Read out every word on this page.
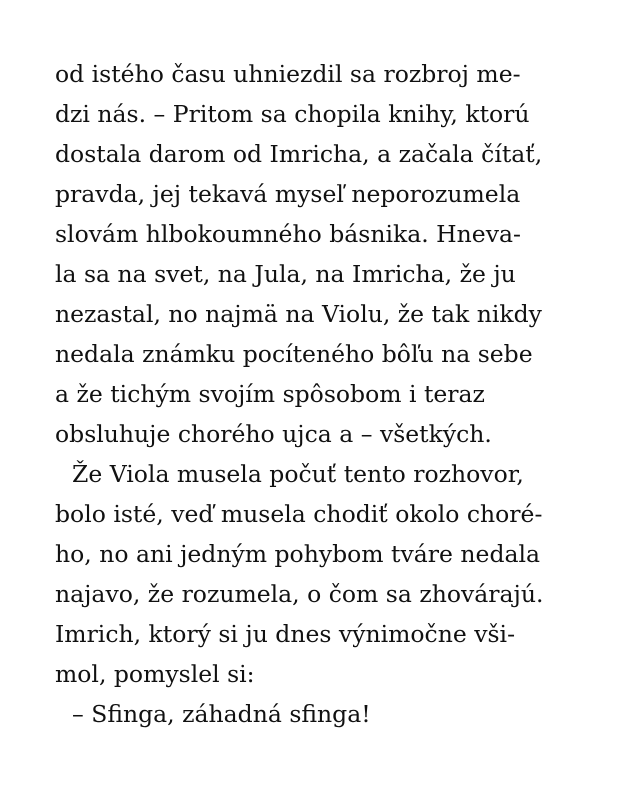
od istého času uhniezdil sa rozbroj me-
dzi nás. – Pritom sa chopila knihy, ktorú
dostala darom od Imricha, a začala čítať,
pravda, jej tekavá myseľ neporozumela
slovám hlbokoumného básnika. Hneva-
la sa na svet, na Jula, na Imricha, že ju
nezastal, no najmä na Violu, že tak nikdy
nedala známku pocíteného bôľu na sebe
a že tichým svojím spôsobom i teraz
obsluhuje chorého ujca a – všetkých.
Že Viola musela počuť tento rozhovor,
bolo isté, veď musela chodiť okolo choré-
ho, no ani jedným pohybom tváre nedala
najavo, že rozumela, o čom sa zhovárajú.
Imrich, ktorý si ju dnes výnimočne vši-
mol, pomyslel si:
– Sfinga, záhadná sfinga!
